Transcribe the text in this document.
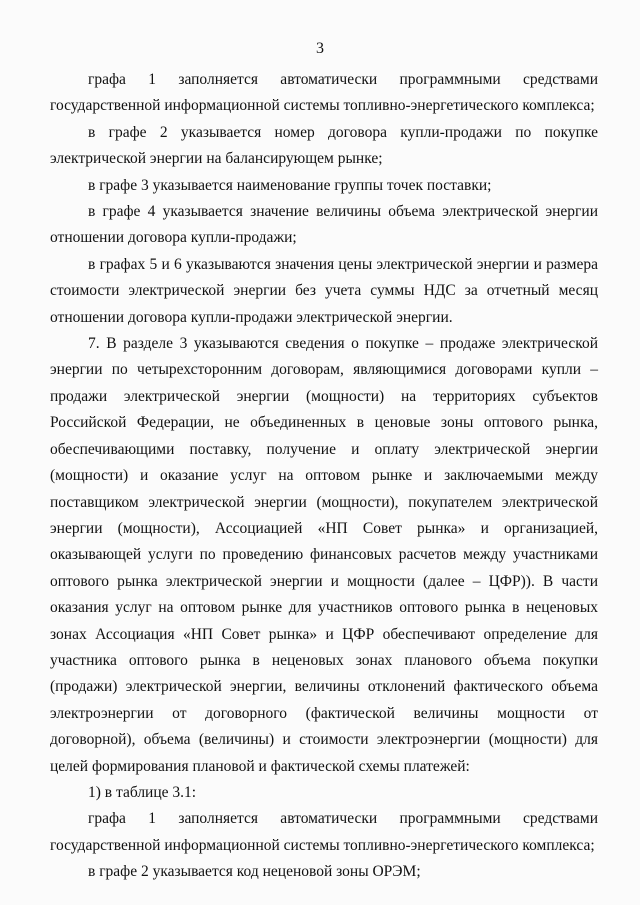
3

графа 1 заполняется автоматически программными средствами государственной информационной системы топливно-энергетического комплекса;

в графе 2 указывается номер договора купли-продажи по покупке электрической энергии на балансирующем рынке;

в графе 3 указывается наименование группы точек поставки;

в графе 4 указывается значение величины объема электрической энергии отношении договора купли-продажи;

в графах 5 и 6 указываются значения цены электрической энергии и размера стоимости электрической энергии без учета суммы НДС за отчетный месяц отношении договора купли-продажи электрической энергии.

7. В разделе 3 указываются сведения о покупке – продаже электрической энергии по четырехсторонним договорам, являющимися договорами купли – продажи электрической энергии (мощности) на территориях субъектов Российской Федерации, не объединенных в ценовые зоны оптового рынка, обеспечивающими поставку, получение и оплату электрической энергии (мощности) и оказание услуг на оптовом рынке и заключаемыми между поставщиком электрической энергии (мощности), покупателем электрической энергии (мощности), Ассоциацией «НП Совет рынка» и организацией, оказывающей услуги по проведению финансовых расчетов между участниками оптового рынка электрической энергии и мощности (далее – ЦФР)). В части оказания услуг на оптовом рынке для участников оптового рынка в неценовых зонах Ассоциация «НП Совет рынка» и ЦФР обеспечивают определение для участника оптового рынка в неценовых зонах планового объема покупки (продажи) электрической энергии, величины отклонений фактического объема электроэнергии от договорного (фактической величины мощности от договорной), объема (величины) и стоимости электроэнергии (мощности) для целей формирования плановой и фактической схемы платежей:

1) в таблице 3.1:

графа 1 заполняется автоматически программными средствами государственной информационной системы топливно-энергетического комплекса;

в графе 2 указывается код неценовой зоны ОРЭМ;
